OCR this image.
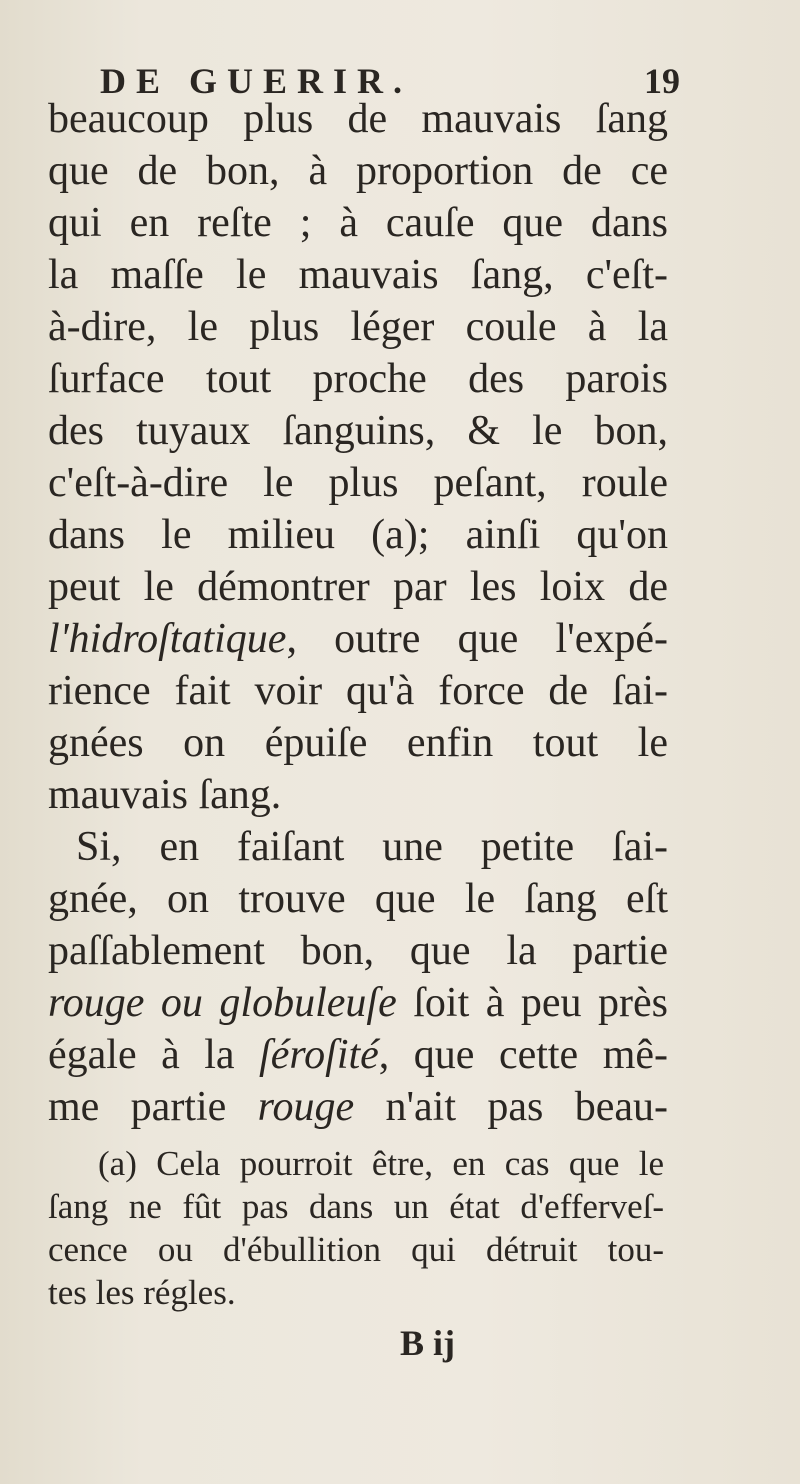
DE GUERIR.	19
beaucoup plus de mauvais ſang
que de bon, à proportion de ce
qui en reſte ; à cauſe que dans
la maſſe le mauvais ſang, c'eſt-
à-dire, le plus léger coule à la
ſurface tout proche des parois
des tuyaux ſanguins, & le bon,
c'eſt-à-dire le plus peſant, roule
dans le milieu (a); ainſi qu'on
peut le démontrer par les loix de
l'hidroſtatique, outre que l'expé-
rience fait voir qu'à force de ſai-
gnées on épuiſe enfin tout le
mauvais ſang.
Si, en faiſant une petite ſai-
gnée, on trouve que le ſang eſt
paſſablement bon, que la partie
rouge ou globuleuſe ſoit à peu près
égale à la ſéroſité, que cette mê-
me partie rouge n'ait pas beau-
(a) Cela pourroit être, en cas que le
ſang ne fût pas dans un état d'efferveſ-
cence ou d'ébullition qui détruit tou-
tes les régles.
B ij
